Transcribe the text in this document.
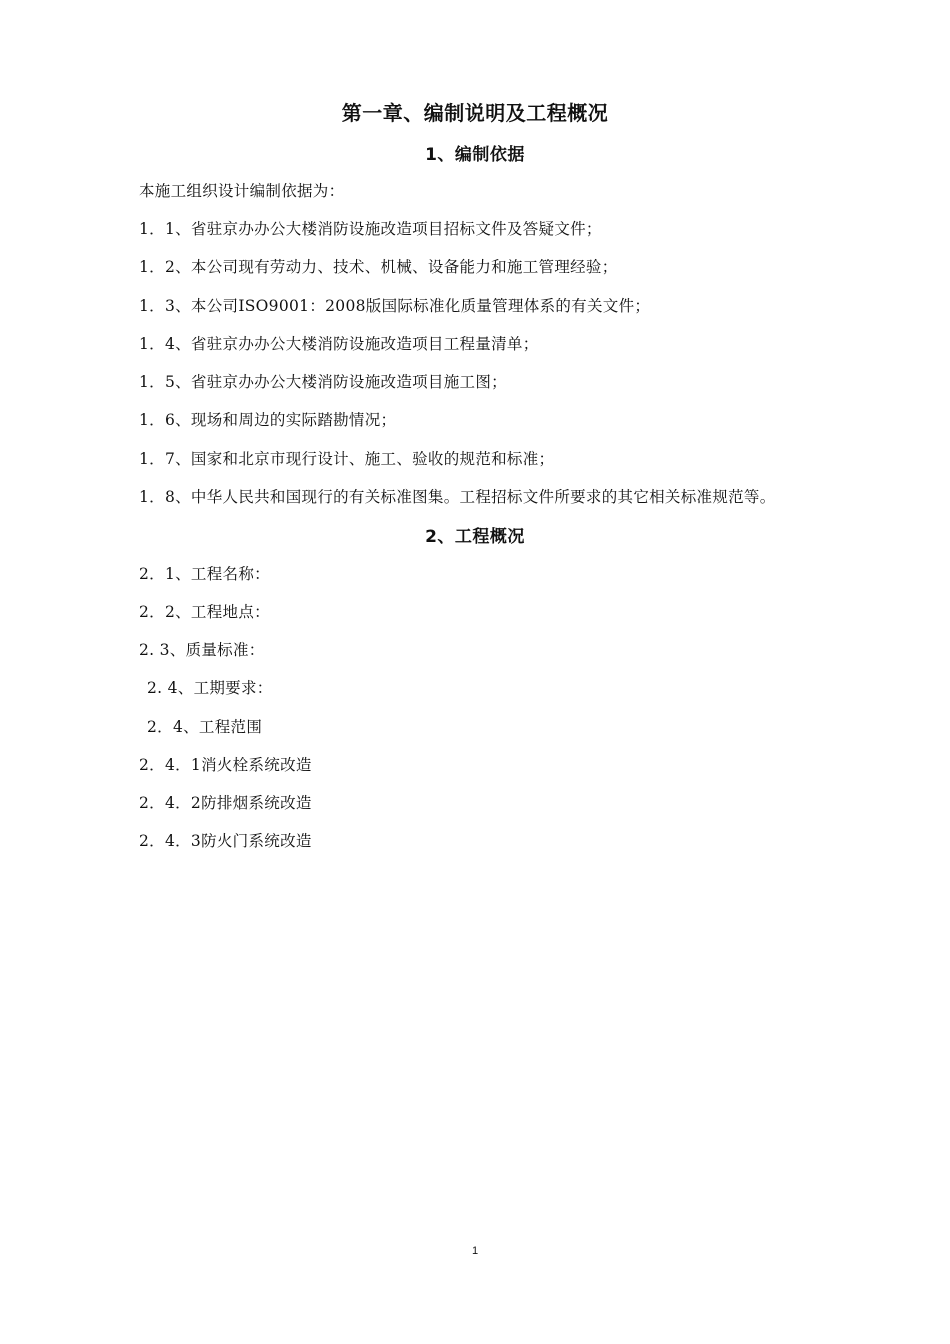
第一章、编制说明及工程概况
1、编制依据
本施工组织设计编制依据为：
1．1、省驻京办办公大楼消防设施改造项目招标文件及答疑文件；
1．2、本公司现有劳动力、技术、机械、设备能力和施工管理经验；
1．3、本公司ISO9001：2008版国际标准化质量管理体系的有关文件；
1．4、省驻京办办公大楼消防设施改造项目工程量清单；
1．5、省驻京办办公大楼消防设施改造项目施工图；
1．6、现场和周边的实际踏勘情况；
1．7、国家和北京市现行设计、施工、验收的规范和标准；
1．8、中华人民共和国现行的有关标准图集。工程招标文件所要求的其它相关标准规范等。
2、工程概况
2．1、工程名称：
2．2、工程地点：
2. 3、质量标准：
2. 4、工期要求：
2．4、工程范围
2．4．1消火栓系统改造
2．4．2防排烟系统改造
2．4．3防火门系统改造
1
